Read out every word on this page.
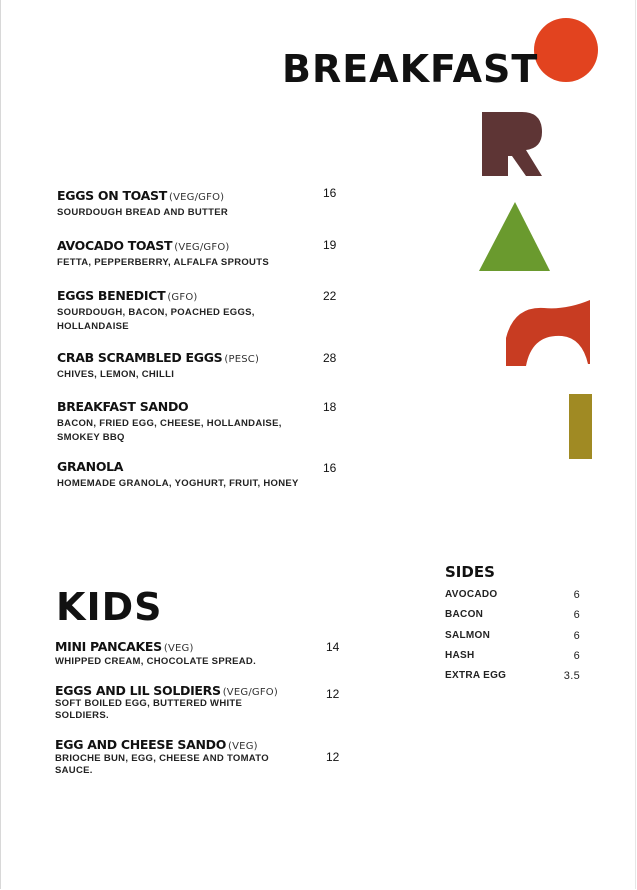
BREAKFAST
EGGS ON TOAST (VEG/GFO)
SOURDOUGH BREAD AND BUTTER
16
AVOCADO TOAST (VEG/GFO)
FETTA, PEPPERBERRY, ALFALFA SPROUTS
19
EGGS BENEDICT (GFO)
SOURDOUGH, BACON, POACHED EGGS, HOLLANDAISE
22
CRAB SCRAMBLED EGGS (PESC)
CHIVES, LEMON, CHILLI
28
BREAKFAST SANDO
BACON, FRIED EGG, CHEESE, HOLLANDAISE, SMOKEY BBQ
18
GRANOLA
HOMEMADE GRANOLA, YOGHURT, FRUIT, HONEY
16
SIDES
AVOCADO	6
BACON	6
SALMON	6
HASH	6
EXTRA EGG	3.5
KIDS
MINI PANCAKES (VEG)
WHIPPED CREAM, CHOCOLATE SPREAD.
14
EGGS AND LIL SOLDIERS (VEG/GFO)
SOFT BOILED EGG, BUTTERED WHITE SOLDIERS.
12
EGG AND CHEESE SANDO (VEG)
BRIOCHE BUN, EGG, CHEESE AND TOMATO SAUCE.
12
